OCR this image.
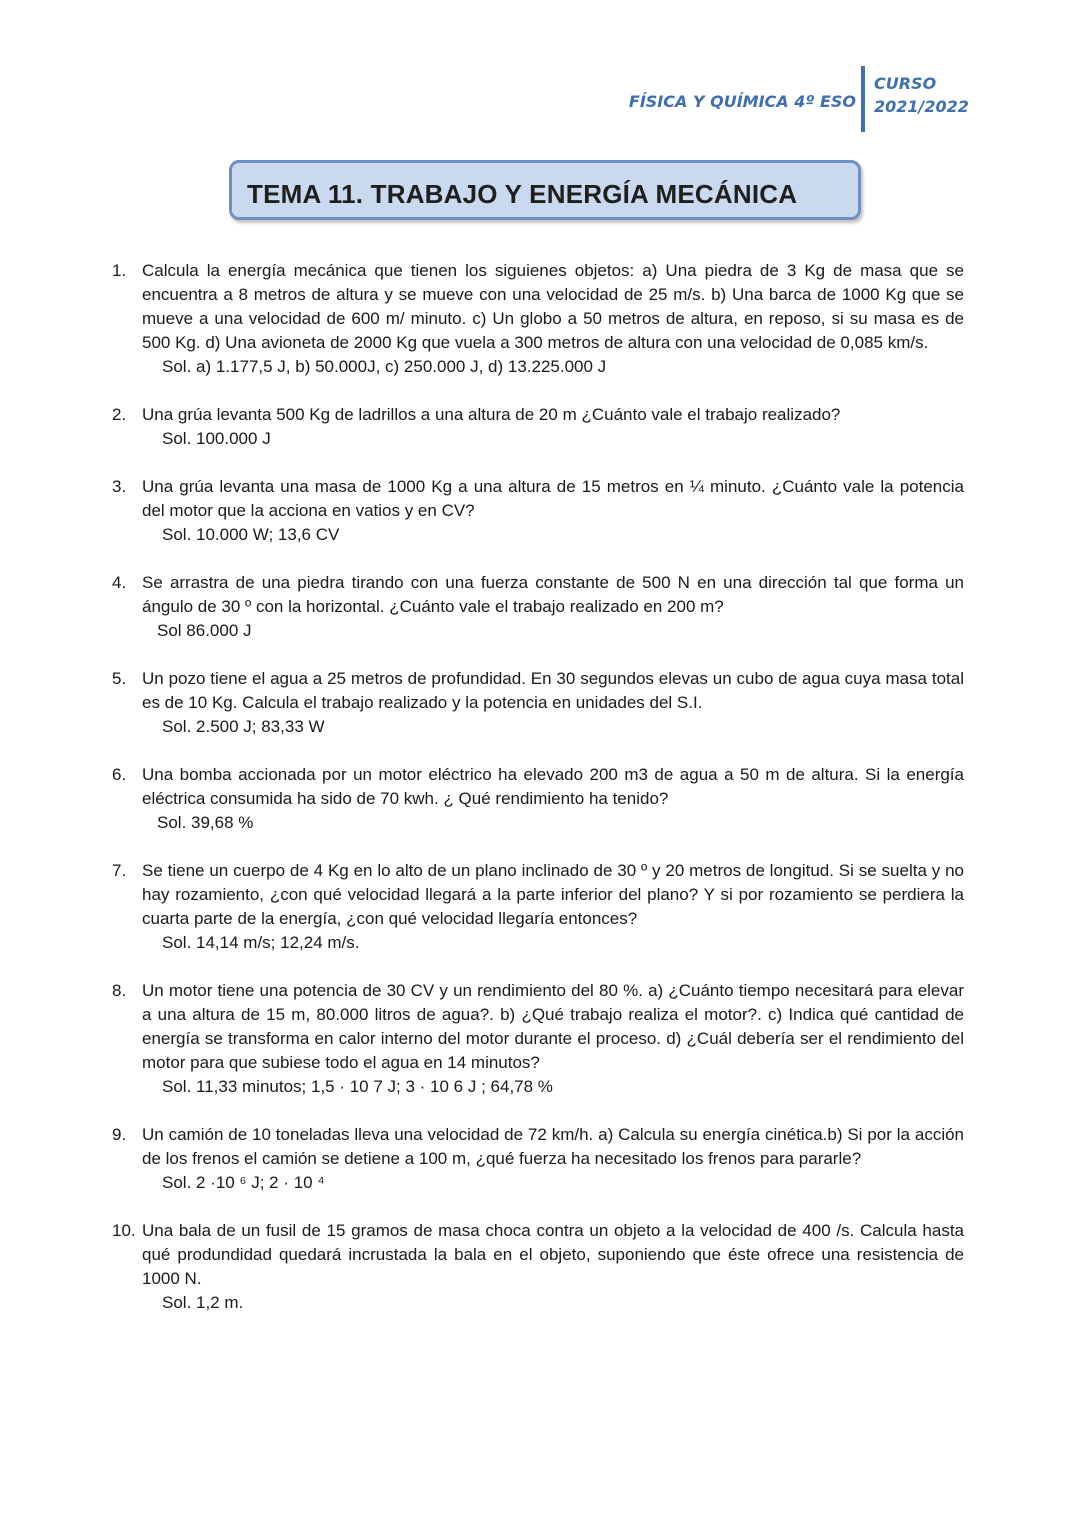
FÍSICA Y QUÍMICA 4º ESO
CURSO
2021/2022
TEMA 11. TRABAJO Y ENERGÍA MECÁNICA
1. Calcula la energía mecánica que tienen los siguienes objetos: a) Una piedra de 3 Kg de masa que se encuentra a 8 metros de altura y se mueve con una velocidad de 25 m/s. b) Una barca de 1000 Kg que se mueve a una velocidad de 600 m/ minuto. c) Un globo a 50 metros de altura, en reposo, si su masa es de 500 Kg. d) Una avioneta de 2000 Kg que vuela a 300 metros de altura con una velocidad de 0,085 km/s.
Sol. a) 1.177,5 J, b) 50.000J, c) 250.000 J, d) 13.225.000 J
2. Una grúa levanta 500 Kg de ladrillos a una altura de 20 m ¿Cuánto vale el trabajo realizado?
Sol. 100.000 J
3. Una grúa levanta una masa de 1000 Kg a una altura de 15 metros en ¼ minuto. ¿Cuánto vale la potencia del motor que la acciona en vatios y en CV?
Sol. 10.000 W; 13,6 CV
4. Se arrastra de una piedra tirando con una fuerza constante de 500 N en una dirección tal que forma un ángulo de 30 º con la horizontal. ¿Cuánto vale el trabajo realizado en 200 m?
Sol 86.000 J
5. Un pozo tiene el agua a 25 metros de profundidad. En 30 segundos elevas un cubo de agua cuya masa total es de 10 Kg. Calcula el trabajo realizado y la potencia en unidades del S.I.
Sol. 2.500 J; 83,33 W
6. Una bomba accionada por un motor eléctrico ha elevado 200 m3 de agua a 50 m de altura. Si la energía eléctrica consumida ha sido de 70 kwh. ¿ Qué rendimiento ha tenido?
Sol. 39,68 %
7. Se tiene un cuerpo de 4 Kg en lo alto de un plano inclinado de 30 º y 20 metros de longitud. Si se suelta y no hay rozamiento, ¿con qué velocidad llegará a la parte inferior del plano? Y si por rozamiento se perdiera la cuarta parte de la energía, ¿con qué velocidad llegaría entonces?
Sol. 14,14 m/s; 12,24 m/s.
8. Un motor tiene una potencia de 30 CV y un rendimiento del 80 %. a) ¿Cuánto tiempo necesitará para elevar a una altura de 15 m, 80.000 litros de agua?. b) ¿Qué trabajo realiza el motor?. c) Indica qué cantidad de energía se transforma en calor interno del motor durante el proceso. d) ¿Cuál debería ser el rendimiento del motor para que subiese todo el agua en 14 minutos?
Sol. 11,33 minutos; 1,5 · 10 7 J; 3 · 10 6 J ; 64,78 %
9. Un camión de 10 toneladas lleva una velocidad de 72 km/h. a) Calcula su energía cinética.b) Si por la acción de los frenos el camión se detiene a 100 m, ¿qué fuerza ha necesitado los frenos para pararle?
Sol. 2 ·10 ⁶ J; 2 · 10 ⁴
10. Una bala de un fusil de 15 gramos de masa choca contra un objeto a la velocidad de 400 /s. Calcula hasta qué produndidad quedará incrustada la bala en el objeto, suponiendo que éste ofrece una resistencia de 1000 N.
Sol. 1,2 m.
